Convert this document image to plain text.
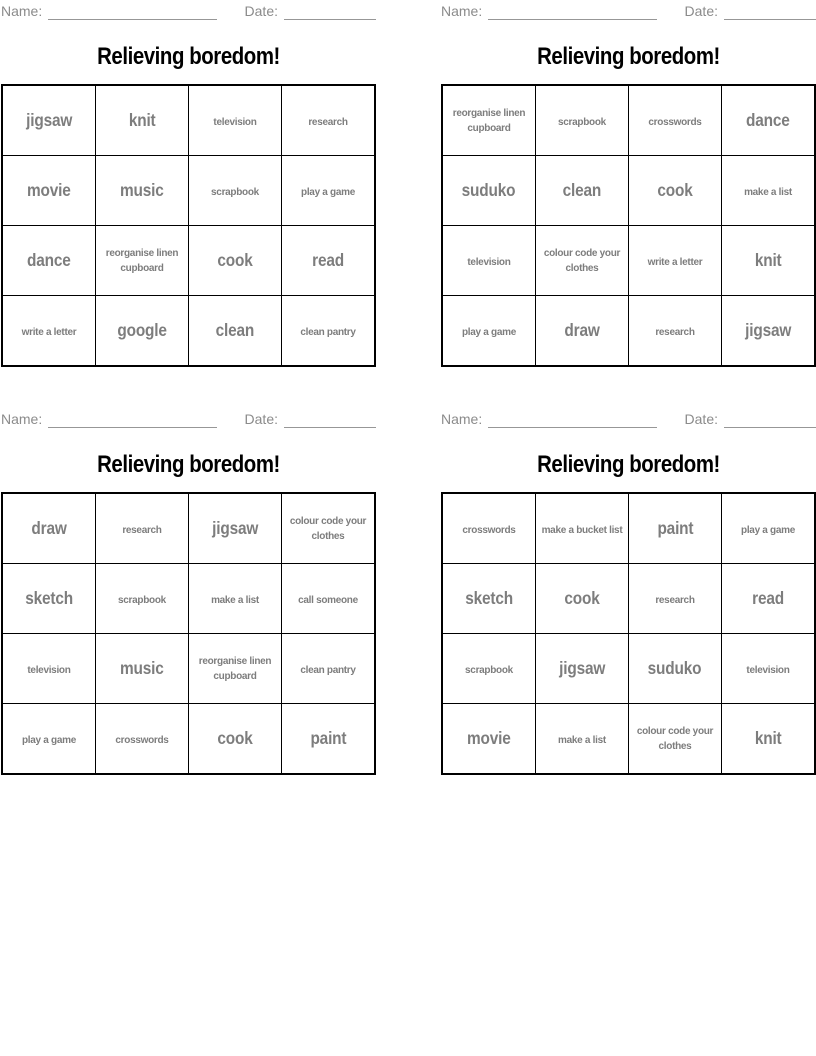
Name:	Date:
Relieving boredom!
jigsaw	knit	television	research
movie	music	scrapbook	play a game
dance	reorganise linen cupboard	cook	read
write a letter	google	clean	clean pantry
Name:	Date:
Relieving boredom!
reorganise linen cupboard	scrapbook	crosswords	dance
suduko	clean	cook	make a list
television	colour code your clothes	write a letter	knit
play a game	draw	research	jigsaw
Name:	Date:
Relieving boredom!
draw	research	jigsaw	colour code your clothes
sketch	scrapbook	make a list	call someone
television	music	reorganise linen cupboard	clean pantry
play a game	crosswords	cook	paint
Name:	Date:
Relieving boredom!
crosswords	make a bucket list	paint	play a game
sketch	cook	research	read
scrapbook	jigsaw	suduko	television
movie	make a list	colour code your clothes	knit
